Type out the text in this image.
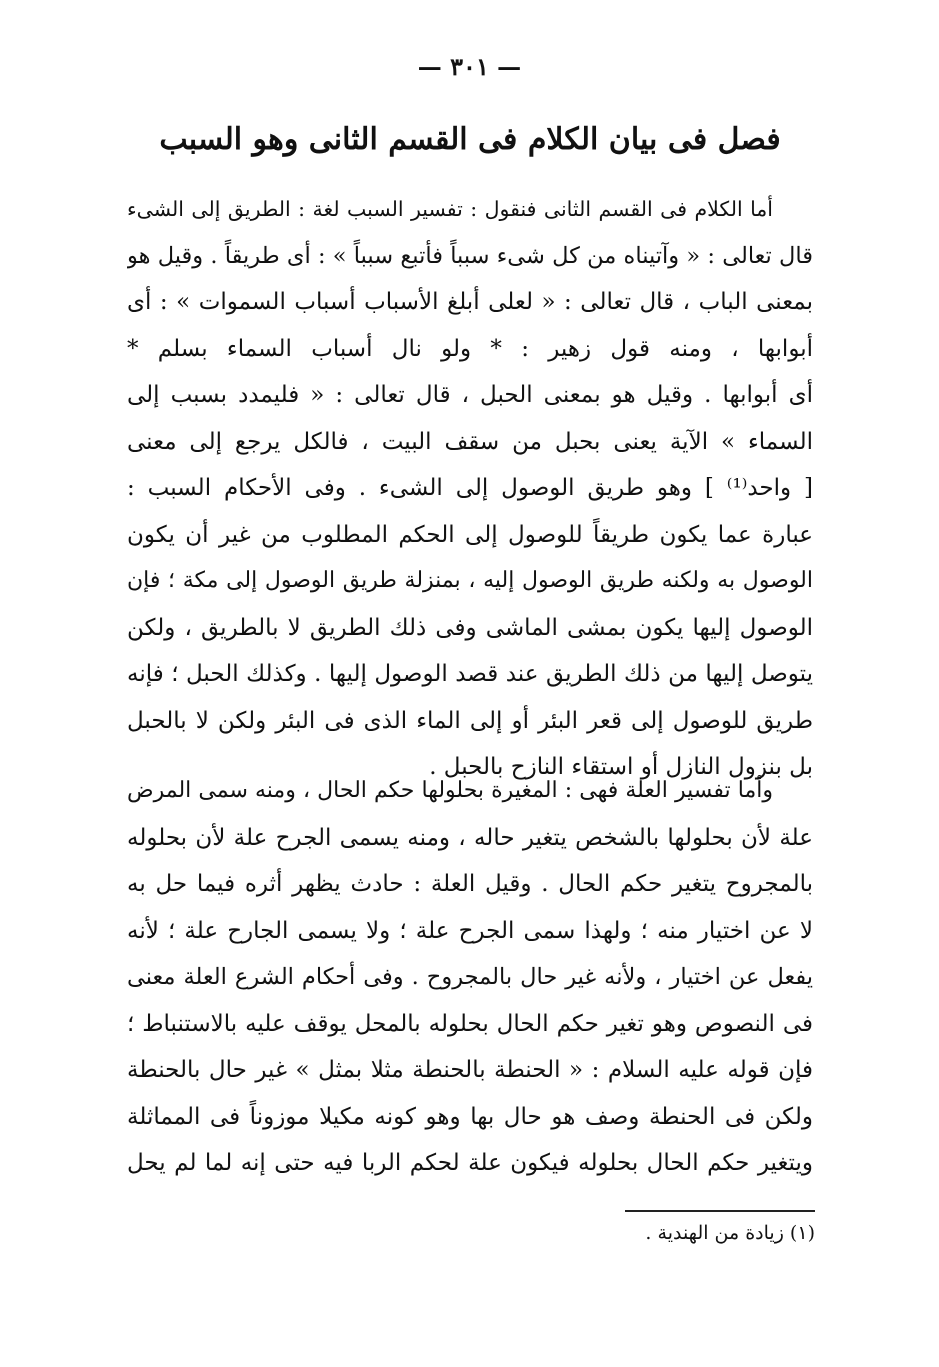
— ٣٠١ —
فصل فى بيان الكلام فى القسم الثانى وهو السبب
أما الكلام فى القسم الثانى فنقول : تفسير السبب لغة : الطريق إلى الشىء
قال تعالى : « وآتيناه من كل شىء سبباً فأتبع سبباً » : أى طريقاً . وقيل هو
بمعنى الباب ، قال تعالى : « لعلى أبلغ الأسباب أسباب السموات » : أى
أبوابها ، ومنه قول زهير : * ولو نال أسباب السماء بسلم *
أى أبوابها . وقيل هو بمعنى الحبل ، قال تعالى : « فليمدد بسبب إلى
السماء » الآية يعنى بحبل من سقف البيت ، فالكل يرجع إلى معنى
[ واحد⁽¹⁾ ] وهو طريق الوصول إلى الشىء . وفى الأحكام السبب :
عبارة عما يكون طريقاً للوصول إلى الحكم المطلوب من غير أن يكون
الوصول به ولكنه طريق الوصول إليه ، بمنزلة طريق الوصول إلى مكة ؛ فإن
الوصول إليها يكون بمشى الماشى وفى ذلك الطريق لا بالطريق ، ولكن
يتوصل إليها من ذلك الطريق عند قصد الوصول إليها . وكذلك الحبل ؛ فإنه
طريق للوصول إلى قعر البئر أو إلى الماء الذى فى البئر ولكن لا بالحبل
بل بنزول النازل أو استقاء النازح بالحبل .
وأما تفسير العلة فهى : المغيرة بحلولها حكم الحال ، ومنه سمى المرض
علة لأن بحلولها بالشخص يتغير حاله ، ومنه يسمى الجرح علة لأن بحلوله
بالمجروح يتغير حكم الحال . وقيل العلة : حادث يظهر أثره فيما حل به
لا عن اختيار منه ؛ ولهذا سمى الجرح علة ؛ ولا يسمى الجارح علة ؛ لأنه
يفعل عن اختيار ، ولأنه غير حال بالمجروح . وفى أحكام الشرع العلة معنى
فى النصوص وهو تغير حكم الحال بحلوله بالمحل يوقف عليه بالاستنباط ؛
فإن قوله عليه السلام : « الحنطة بالحنطة مثلا بمثل » غير حال بالحنطة
ولكن فى الحنطة وصف هو حال بها وهو كونه مكيلا موزوناً فى المماثلة
ويتغير حكم الحال بحلوله فيكون علة لحكم الربا فيه حتى إنه لما لم يحل
(١) زيادة من الهندية .
